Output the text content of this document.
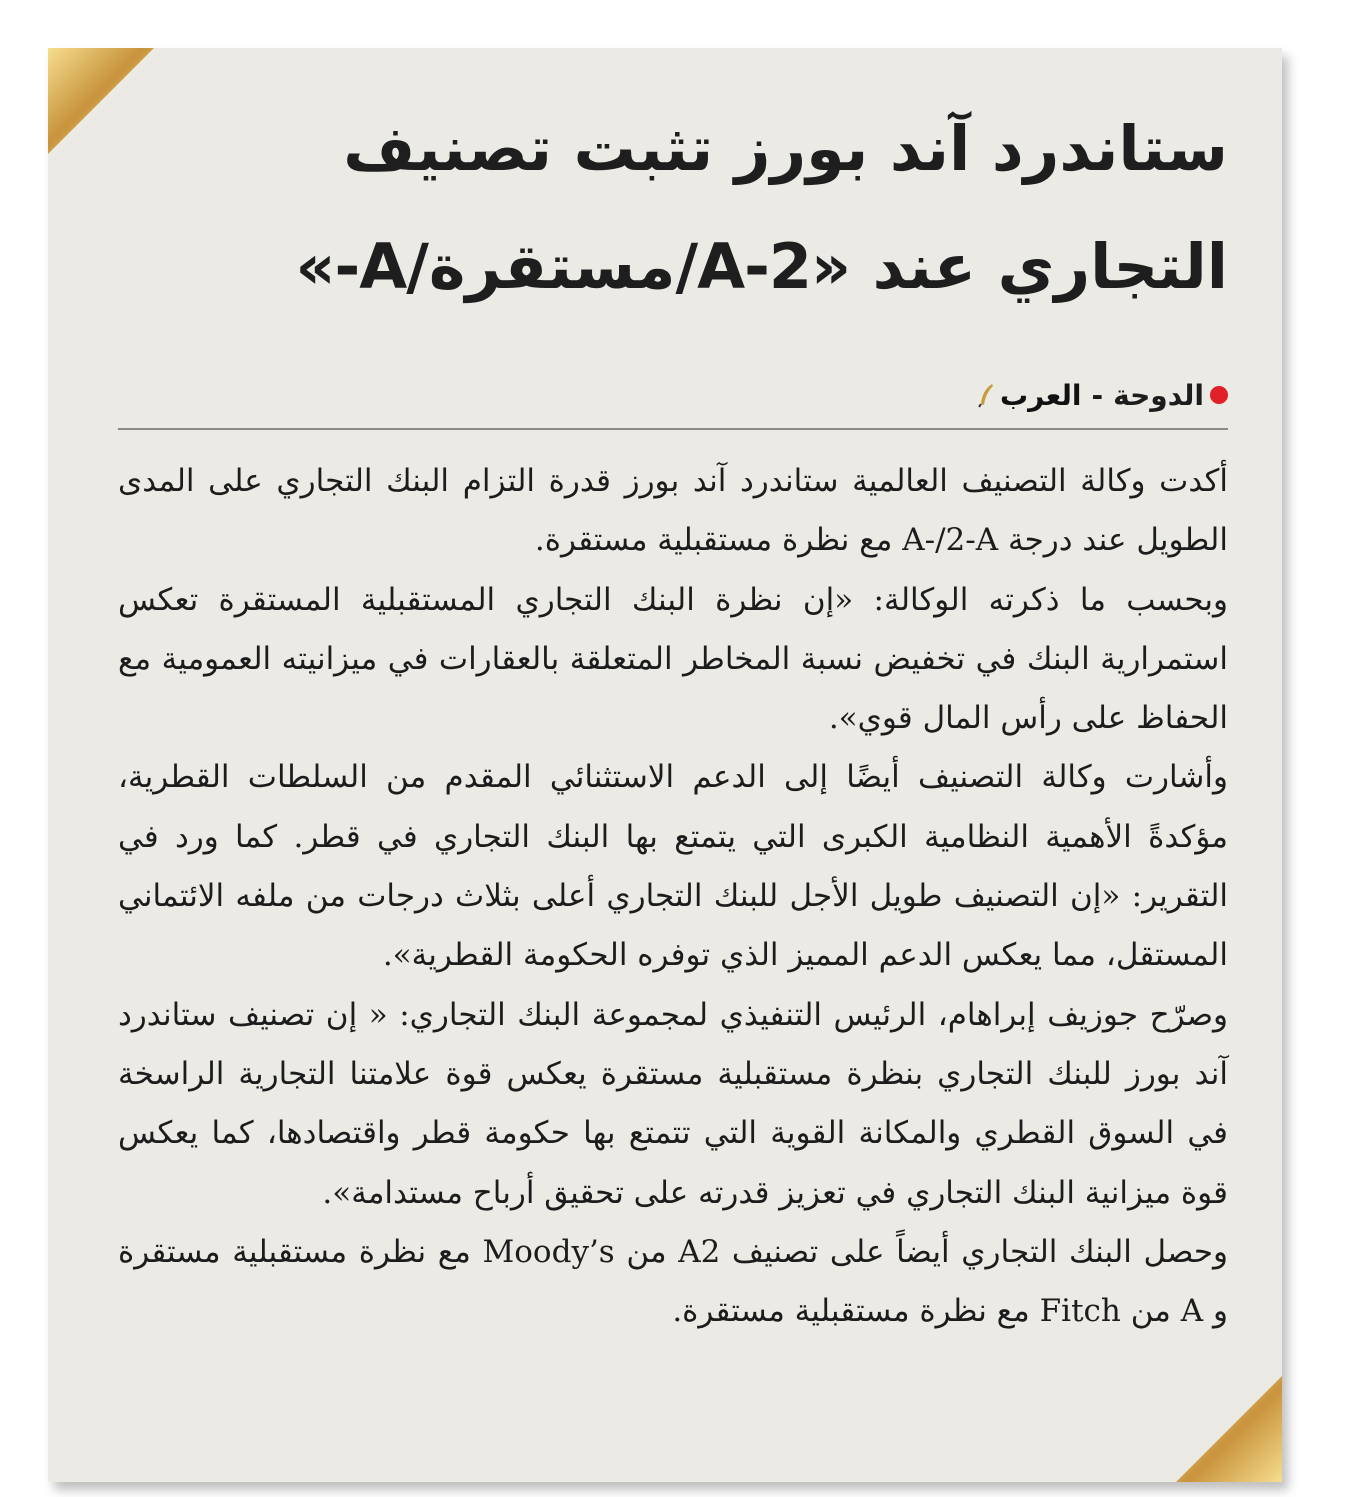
ستاندرد آند بورز تثبت تصنيف
التجاري عند «A-2/مستقرة/A-»
الدوحة
-
العرب

أكدت وكالة التصنيف العالمية ستاندرد آند بورز قدرة التزام البنك التجاري على المدى الطويل عند درجة A-/2-A مع نظرة مستقبلية مستقرة.

وبحسب ما ذكرته الوكالة: «إن نظرة البنك التجاري المستقبلية المستقرة تعكس استمرارية البنك في تخفيض نسبة المخاطر المتعلقة بالعقارات في ميزانيته العمومية مع الحفاظ على رأس المال قوي».

وأشارت وكالة التصنيف أيضًا إلى الدعم الاستثنائي المقدم من السلطات القطرية، مؤكدةً الأهمية النظامية الكبرى التي يتمتع بها البنك التجاري في قطر. كما ورد في التقرير: «إن التصنيف طويل الأجل للبنك التجاري أعلى بثلاث درجات من ملفه الائتماني المستقل، مما يعكس الدعم المميز الذي توفره الحكومة القطرية».

وصرّح جوزيف إبراهام، الرئيس التنفيذي لمجموعة البنك التجاري: « إن تصنيف ستاندرد آند بورز للبنك التجاري بنظرة مستقبلية مستقرة يعكس قوة علامتنا التجارية الراسخة في السوق القطري والمكانة القوية التي تتمتع بها حكومة قطر واقتصادها، كما يعكس قوة ميزانية البنك التجاري في تعزيز قدرته على تحقيق أرباح مستدامة».

وحصل البنك التجاري أيضاً على تصنيف A2 من Moody’s مع نظرة مستقبلية مستقرة و A من Fitch مع نظرة مستقبلية مستقرة.
